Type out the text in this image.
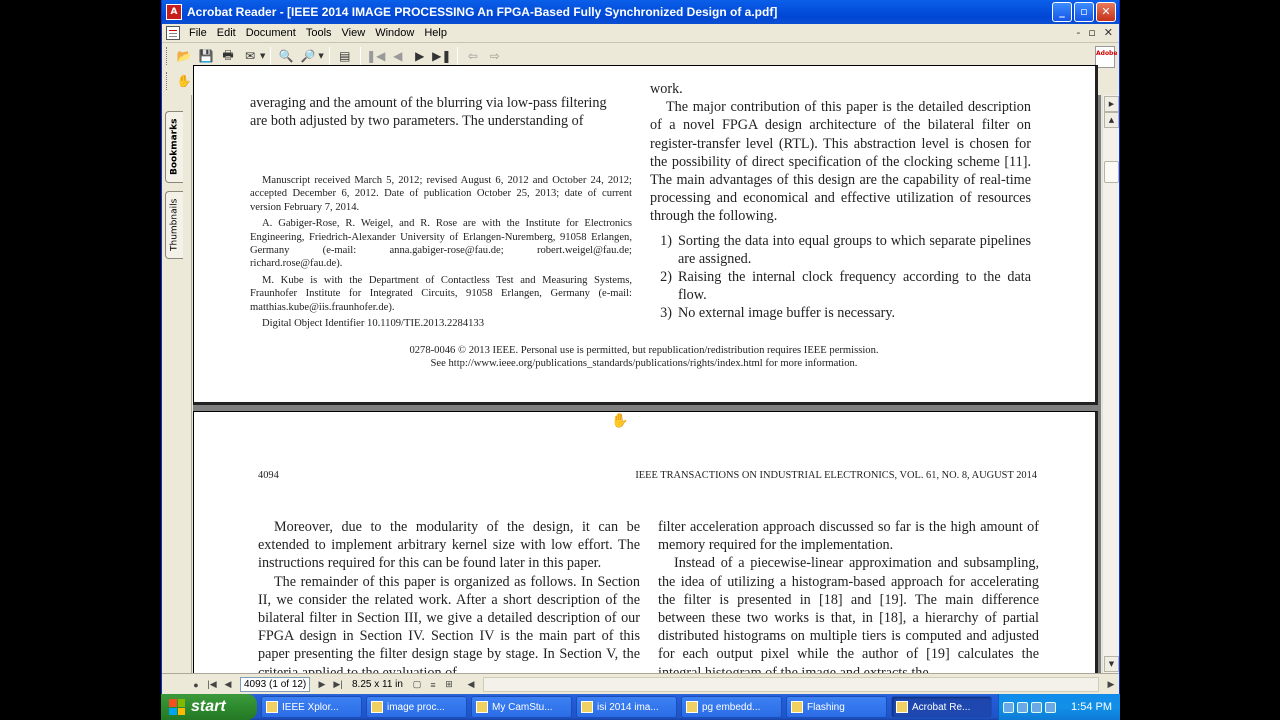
A Acrobat Reader - [IEEE 2014 IMAGE PROCESSING An FPGA-Based Fully Synchronized Design of a.pdf]	_	▫	✕
File Edit Document Tools View Window Help	- ▫ ✕
Adobe
📂 💾 🖶 ✉ ▼ 🔍 🔎 ▼	▤	❚◀ ◀	▶ ▶❚	⇦ ⇨
✋
Bookmarks
Thumbnails
averaging and the amount of the blurring via low-pass filtering
are both adjusted by two parameters. The understanding of

Manuscript received March 5, 2012; revised August 6, 2012 and October 24, 2012; accepted December 6, 2012. Date of publication October 25, 2013; date of current version February 7, 2014.

A. Gabiger-Rose, R. Weigel, and R. Rose are with the Institute for Electronics Engineering, Friedrich-Alexander University of Erlangen-Nuremberg, 91058 Erlangen, Germany (e-mail: anna.gabiger-rose@fau.de; robert.weigel@fau.de; richard.rose@fau.de).

M. Kube is with the Department of Contactless Test and Measuring Systems, Fraunhofer Institute for Integrated Circuits, 91058 Erlangen, Germany (e-mail: matthias.kube@iis.fraunhofer.de).

Digital Object Identifier 10.1109/TIE.2013.2284133

work.
The major contribution of this paper is the detailed description of a novel FPGA design architecture of the bilateral filter on register-transfer level (RTL). This abstraction level is chosen for the possibility of direct specification of the clocking scheme [11]. The main advantages of this design are the capability of real-time processing and economical and effective utilization of resources through the following.
1) Sorting the data into equal groups to which separate pipelines are assigned.
2) Raising the internal clock frequency according to the data flow.
3) No external image buffer is necessary.
0278-0046 © 2013 IEEE. Personal use is permitted, but republication/redistribution requires IEEE permission.
See http://www.ieee.org/publications_standards/publications/rights/index.html for more information.
4094	IEEE TRANSACTIONS ON INDUSTRIAL ELECTRONICS, VOL. 61, NO. 8, AUGUST 2014
Moreover, due to the modularity of the design, it can be extended to implement arbitrary kernel size with low effort. The instructions required for this can be found later in this paper.
The remainder of this paper is organized as follows. In Section II, we consider the related work. After a short description of the bilateral filter in Section III, we give a detailed description of our FPGA design in Section IV. Section IV is the main part of this paper presenting the filter design stage by stage. In Section V, the
filter acceleration approach discussed so far is the high amount of memory required for the implementation.
Instead of a piecewise-linear approximation and subsampling, the idea of utilizing a histogram-based approach for accelerating the filter is presented in [18] and [19]. The main difference between these two works is that, in [18], a hierarchy of partial distributed histograms on multiple tiers is computed and adjusted for each output pixel while the author of [19] calculates the
✋
▶
▲
▼
● |◀ ◀	4093 (1 of 12)	▶ ▶| 8.25 x 11 in	▢	≡	⊞	◀	▶
start	IEEE Xplor...	image proc...	My CamStu...	isi 2014 ima...	pg embedd...	Flashing	Acrobat Re...	1:54 PM
